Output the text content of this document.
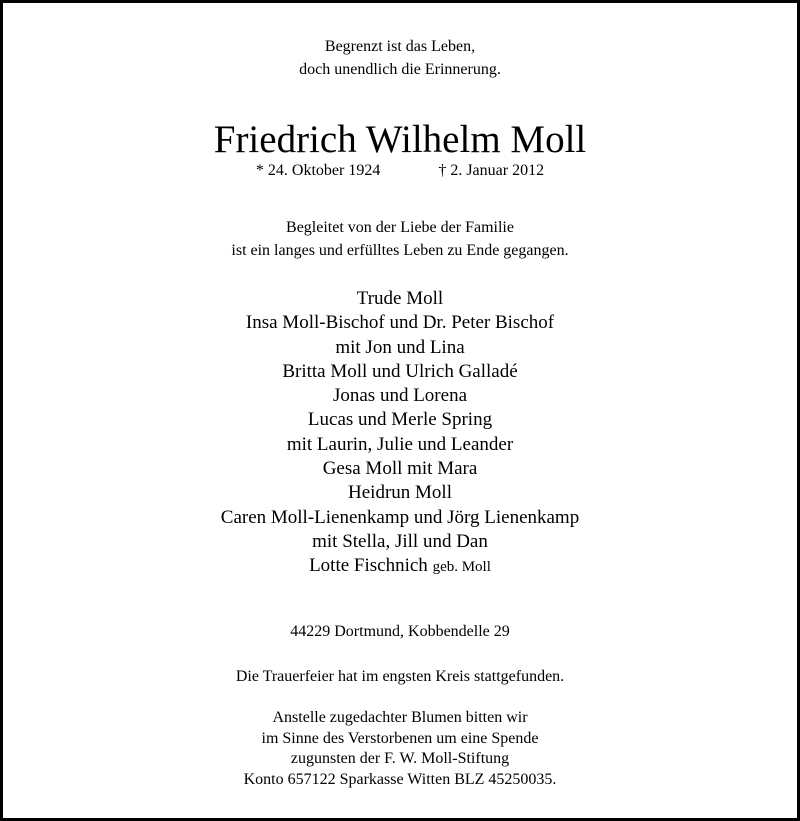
Begrenzt ist das Leben,
doch unendlich die Erinnerung.
Friedrich Wilhelm Moll
* 24. Oktober 1924	† 2. Januar 2012
Begleitet von der Liebe der Familie
ist ein langes und erfülltes Leben zu Ende gegangen.
Trude Moll
Insa Moll-Bischof und Dr. Peter Bischof
mit Jon und Lina
Britta Moll und Ulrich Galladé
Jonas und Lorena
Lucas und Merle Spring
mit Laurin, Julie und Leander
Gesa Moll mit Mara
Heidrun Moll
Caren Moll-Lienenkamp und Jörg Lienenkamp
mit Stella, Jill und Dan
Lotte Fischnich geb. Moll
44229 Dortmund, Kobbendelle 29
Die Trauerfeier hat im engsten Kreis stattgefunden.
Anstelle zugedachter Blumen bitten wir
im Sinne des Verstorbenen um eine Spende
zugunsten der F. W. Moll-Stiftung
Konto 657122 Sparkasse Witten BLZ 45250035.
